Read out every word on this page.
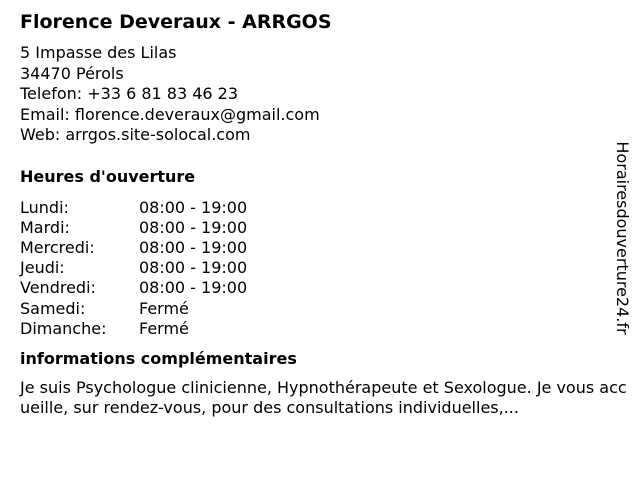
Florence Deveraux - ARRGOS
5 Impasse des Lilas
34470 Pérols
Telefon: +33 6 81 83 46 23
Email: florence.deveraux@gmail.com
Web: arrgos.site-solocal.com
Heures d'ouverture
Lundi:	08:00 - 19:00
Mardi:	08:00 - 19:00
Mercredi:	08:00 - 19:00
Jeudi:	08:00 - 19:00
Vendredi:	08:00 - 19:00
Samedi:	Fermé
Dimanche:	Fermé
informations complémentaires
Je suis Psychologue clinicienne, Hypnothérapeute et Sexologue. Je vous accueille, sur rendez-vous, pour des consultations individuelles,...
Horairesdouverture24.fr
